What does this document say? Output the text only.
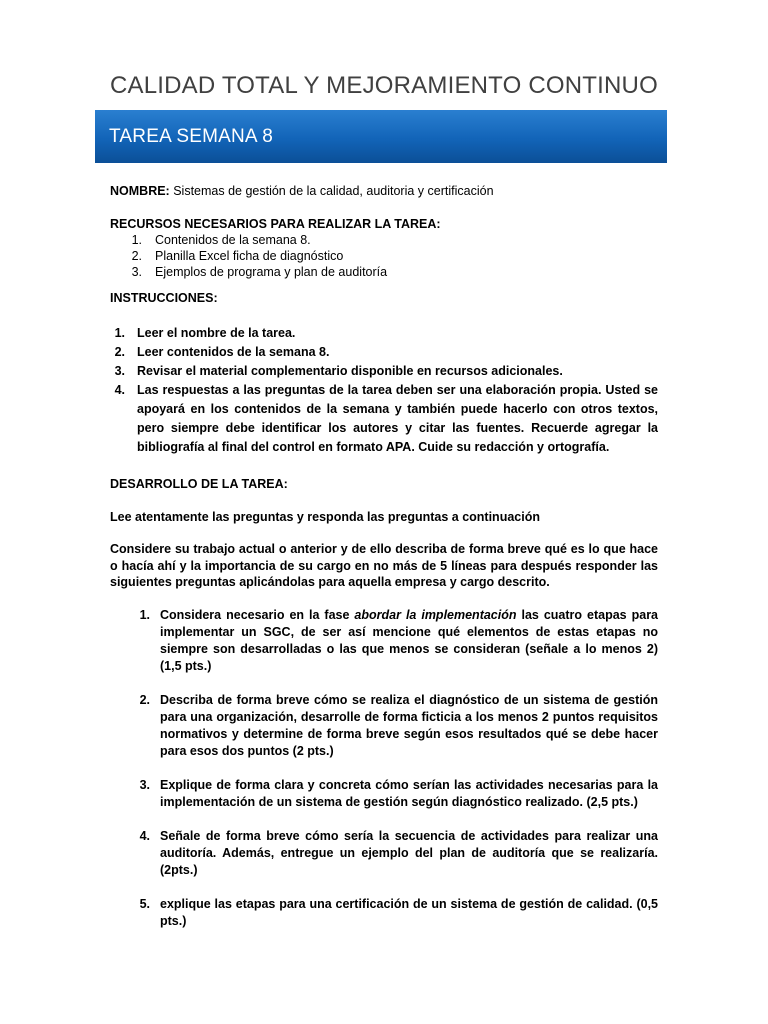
CALIDAD TOTAL Y MEJORAMIENTO CONTINUO
TAREA SEMANA 8

NOMBRE: Sistemas de gestión de la calidad, auditoria y certificación

RECURSOS NECESARIOS PARA REALIZAR LA TAREA:

1. Contenidos de la semana 8.
2. Planilla Excel ficha de diagnóstico
3. Ejemplos de programa y plan de auditoría

INSTRUCCIONES:

1. Leer el nombre de la tarea.
2. Leer contenidos de la semana 8.
3. Revisar el material complementario disponible en recursos adicionales.
4. Las respuestas a las preguntas de la tarea deben ser una elaboración propia. Usted se apoyará en los contenidos de la semana y también puede hacerlo con otros textos, pero siempre debe identificar los autores y citar las fuentes. Recuerde agregar la bibliografía al final del control en formato APA. Cuide su redacción y ortografía.

DESARROLLO DE LA TAREA:

Lee atentamente las preguntas y responda las preguntas a continuación

Considere su trabajo actual o anterior y de ello describa de forma breve qué es lo que hace o hacía ahí y la importancia de su cargo en no más de 5 líneas para después responder las siguientes preguntas aplicándolas para aquella empresa y cargo descrito.

1. Considera necesario en la fase abordar la implementación las cuatro etapas para implementar un SGC, de ser así mencione qué elementos de estas etapas no siempre son desarrolladas o las que menos se consideran (señale a lo menos 2) (1,5 pts.)
2. Describa de forma breve cómo se realiza el diagnóstico de un sistema de gestión para una organización, desarrolle de forma ficticia a los menos 2 puntos requisitos normativos y determine de forma breve según esos resultados qué se debe hacer para esos dos puntos (2 pts.)
3. Explique de forma clara y concreta cómo serían las actividades necesarias para la implementación de un sistema de gestión según diagnóstico realizado. (2,5 pts.)
4. Señale de forma breve cómo sería la secuencia de actividades para realizar una auditoría. Además, entregue un ejemplo del plan de auditoría que se realizaría. (2pts.)
5. explique las etapas para una certificación de un sistema de gestión de calidad. (0,5 pts.)
